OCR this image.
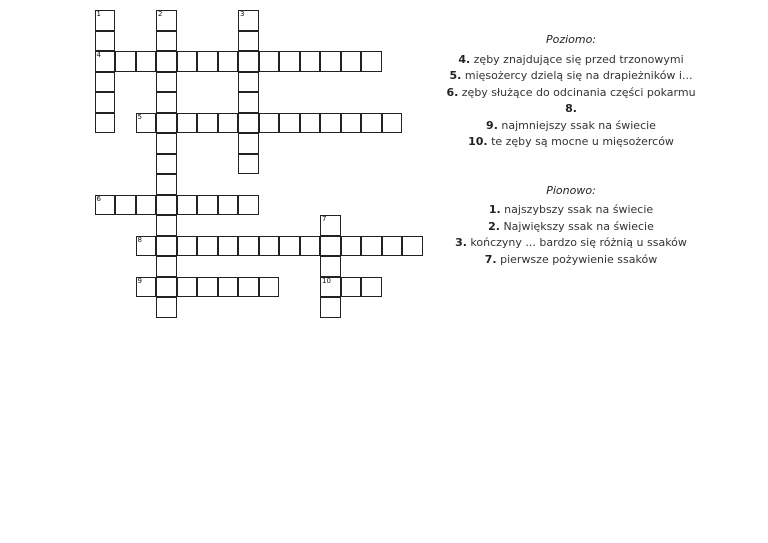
1
4
2	3
5
6
7
10
8
9

Poziomo:

4. zęby znajdujące się przed trzonowymi
5. mięsożercy dzielą się na drapieżników i...
6. zęby służące do odcinania części pokarmu
8.
9. najmniejszy ssak na świecie
10. te zęby są mocne u mięsożerców

Pionowo:

1. najszybszy ssak na świecie
2. Największy ssak na świecie
3. kończyny ... bardzo się różnią u ssaków
7. pierwsze pożywienie ssaków
